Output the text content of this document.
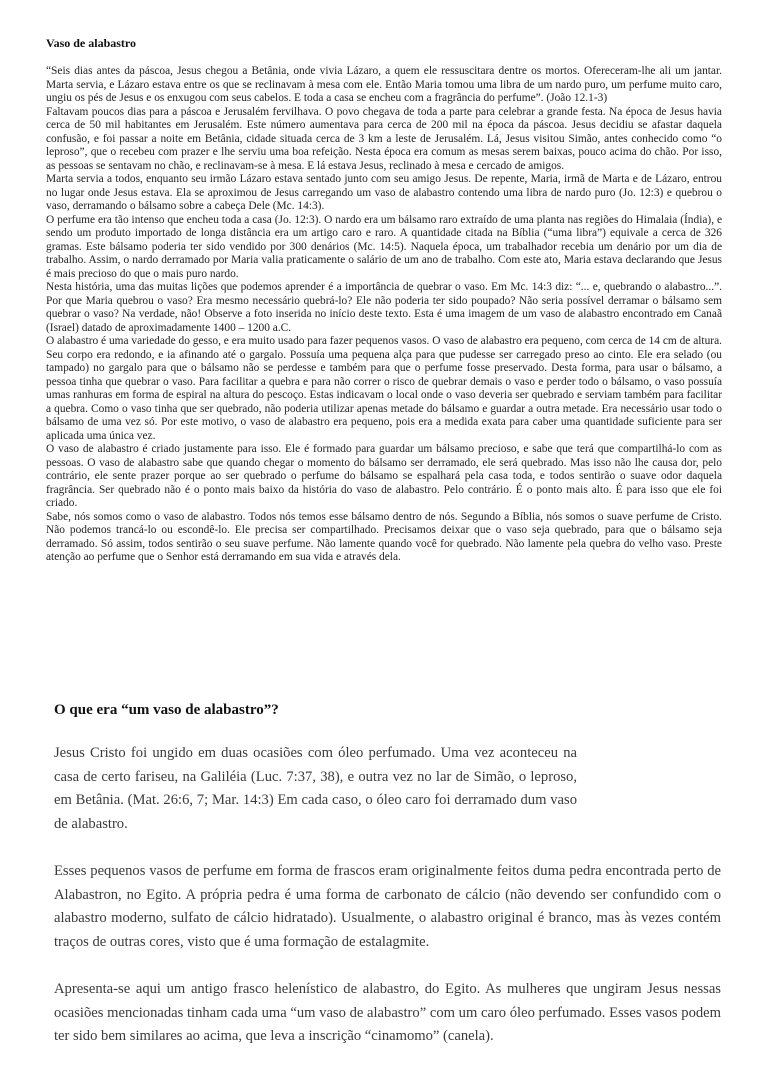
Vaso de alabastro

“Seis dias antes da páscoa, Jesus chegou a Betânia, onde vivia Lázaro, a quem ele ressuscitara dentre os mortos. Ofereceram-lhe ali um jantar. Marta servia, e Lázaro estava entre os que se reclinavam à mesa com ele. Então Maria tomou uma libra de um nardo puro, um perfume muito caro, ungiu os pés de Jesus e os enxugou com seus cabelos. E toda a casa se encheu com a fragrância do perfume”. (João 12.1-3)

Faltavam poucos dias para a páscoa e Jerusalém fervilhava. O povo chegava de toda a parte para celebrar a grande festa. Na época de Jesus havia cerca de 50 mil habitantes em Jerusalém. Este número aumentava para cerca de 200 mil na época da páscoa. Jesus decidiu se afastar daquela confusão, e foi passar a noite em Betânia, cidade situada cerca de 3 km a leste de Jerusalém. Lá, Jesus visitou Simão, antes conhecido como “o leproso”, que o recebeu com prazer e lhe serviu uma boa refeição. Nesta época era comum as mesas serem baixas, pouco acima do chão. Por isso, as pessoas se sentavam no chão, e reclinavam-se à mesa. E lá estava Jesus, reclinado à mesa e cercado de amigos.

Marta servia a todos, enquanto seu irmão Lázaro estava sentado junto com seu amigo Jesus. De repente, Maria, irmã de Marta e de Lázaro, entrou no lugar onde Jesus estava. Ela se aproximou de Jesus carregando um vaso de alabastro contendo uma libra de nardo puro (Jo. 12:3) e quebrou o vaso, derramando o bálsamo sobre a cabeça Dele (Mc. 14:3).

O perfume era tão intenso que encheu toda a casa (Jo. 12:3). O nardo era um bálsamo raro extraído de uma planta nas regiões do Himalaia (Índia), e sendo um produto importado de longa distância era um artigo caro e raro. A quantidade citada na Bíblia (“uma libra”) equivale a cerca de 326 gramas. Este bálsamo poderia ter sido vendido por 300 denários (Mc. 14:5). Naquela época, um trabalhador recebia um denário por um dia de trabalho. Assim, o nardo derramado por Maria valia praticamente o salário de um ano de trabalho. Com este ato, Maria estava declarando que Jesus é mais precioso do que o mais puro nardo.

Nesta história, uma das muitas lições que podemos aprender é a importância de quebrar o vaso. Em Mc. 14:3 diz: “... e, quebrando o alabastro...”. Por que Maria quebrou o vaso? Era mesmo necessário quebrá-lo? Ele não poderia ter sido poupado? Não seria possível derramar o bálsamo sem quebrar o vaso? Na verdade, não! Observe a foto inserida no início deste texto. Esta é uma imagem de um vaso de alabastro encontrado em Canaã (Israel) datado de aproximadamente 1400 – 1200 a.C.

O alabastro é uma variedade do gesso, e era muito usado para fazer pequenos vasos. O vaso de alabastro era pequeno, com cerca de 14 cm de altura. Seu corpo era redondo, e ia afinando até o gargalo. Possuía uma pequena alça para que pudesse ser carregado preso ao cinto. Ele era selado (ou tampado) no gargalo para que o bálsamo não se perdesse e também para que o perfume fosse preservado. Desta forma, para usar o bálsamo, a pessoa tinha que quebrar o vaso. Para facilitar a quebra e para não correr o risco de quebrar demais o vaso e perder todo o bálsamo, o vaso possuía umas ranhuras em forma de espiral na altura do pescoço. Estas indicavam o local onde o vaso deveria ser quebrado e serviam também para facilitar a quebra. Como o vaso tinha que ser quebrado, não poderia utilizar apenas metade do bálsamo e guardar a outra metade. Era necessário usar todo o bálsamo de uma vez só. Por este motivo, o vaso de alabastro era pequeno, pois era a medida exata para caber uma quantidade suficiente para ser aplicada uma única vez.

O vaso de alabastro é criado justamente para isso. Ele é formado para guardar um bálsamo precioso, e sabe que terá que compartilhá-lo com as pessoas. O vaso de alabastro sabe que quando chegar o momento do bálsamo ser derramado, ele será quebrado. Mas isso não lhe causa dor, pelo contrário, ele sente prazer porque ao ser quebrado o perfume do bálsamo se espalhará pela casa toda, e todos sentirão o suave odor daquela fragrância. Ser quebrado não é o ponto mais baixo da história do vaso de alabastro. Pelo contrário. É o ponto mais alto. É para isso que ele foi criado.

Sabe, nós somos como o vaso de alabastro. Todos nós temos esse bálsamo dentro de nós. Segundo a Bíblia, nós somos o suave perfume de Cristo. Não podemos trancá-lo ou escondê-lo. Ele precisa ser compartilhado. Precisamos deixar que o vaso seja quebrado, para que o bálsamo seja derramado. Só assim, todos sentirão o seu suave perfume. Não lamente quando você for quebrado. Não lamente pela quebra do velho vaso. Preste atenção ao perfume que o Senhor está derramando em sua vida e através dela.

O que era “um vaso de alabastro”?

Jesus Cristo foi ungido em duas ocasiões com óleo perfumado. Uma vez aconteceu na casa de certo fariseu, na Galiléia (Luc. 7:37, 38), e outra vez no lar de Simão, o leproso, em Betânia. (Mat. 26:6, 7; Mar. 14:3) Em cada caso, o óleo caro foi derramado dum vaso de alabastro.

Esses pequenos vasos de perfume em forma de frascos eram originalmente feitos duma pedra encontrada perto de Alabastron, no Egito. A própria pedra é uma forma de carbonato de cálcio (não devendo ser confundido com o alabastro moderno, sulfato de cálcio hidratado). Usualmente, o alabastro original é branco, mas às vezes contém traços de outras cores, visto que é uma formação de estalagmite.

Apresenta-se aqui um antigo frasco helenístico de alabastro, do Egito. As mulheres que ungiram Jesus nessas ocasiões mencionadas tinham cada uma “um vaso de alabastro” com um caro óleo perfumado. Esses vasos podem ter sido bem similares ao acima, que leva a inscrição “cinamomo” (canela).
